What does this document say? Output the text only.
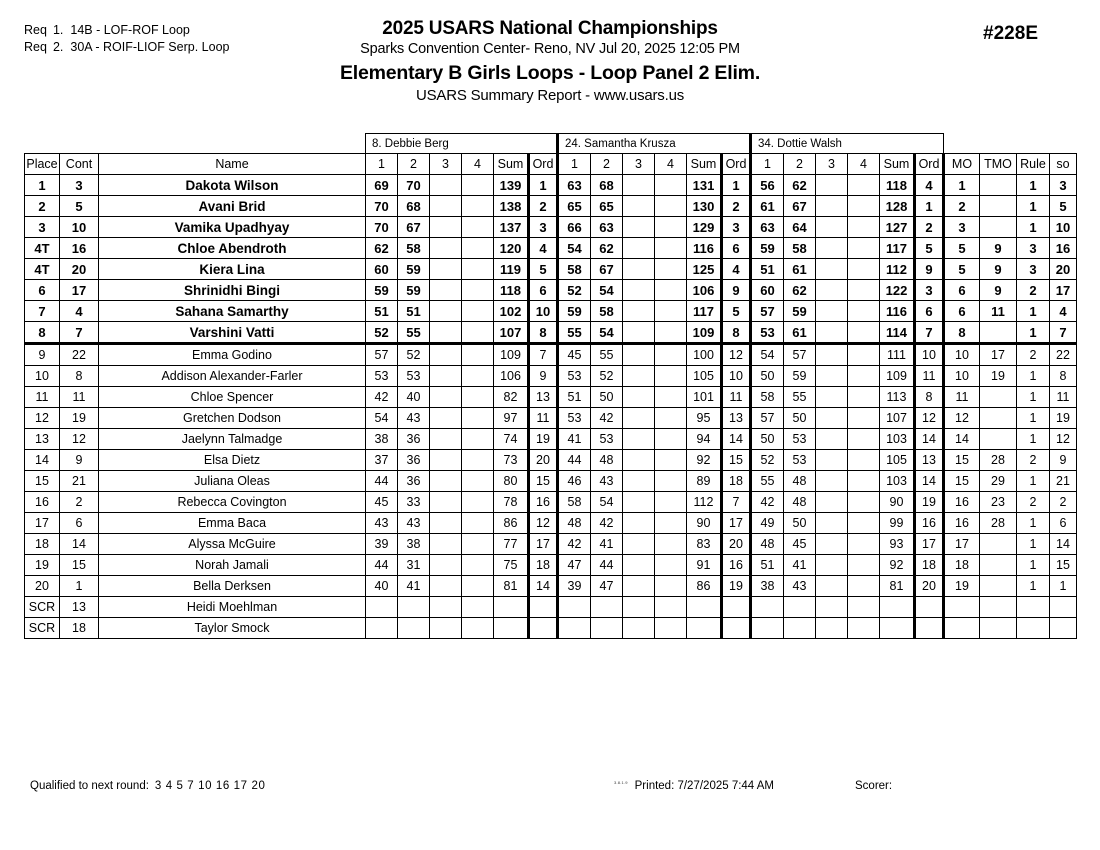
Req 1. 14B - LOF-ROF Loop
Req 2. 30A - ROIF-LIOF Serp. Loop
2025 USARS National Championships
Sparks Convention Center- Reno, NV Jul 20, 2025 12:05 PM
Elementary B Girls Loops - Loop Panel 2 Elim.
USARS Summary Report - www.usars.us
#228E
			8. Debbie Berg						24. Samantha Krusza						34. Dottie Walsh									
Place	Cont	Name	1	2	3	4	Sum	Ord	1	2	3	4	Sum	Ord	1	2	3	4	Sum	Ord	MO	TMO	Rule	so
1	3	Dakota Wilson	69	70			139	1	63	68			131	1	56	62			118	4	1		1	3
2	5	Avani Brid	70	68			138	2	65	65			130	2	61	67			128	1	2		1	5
3	10	Vamika Upadhyay	70	67			137	3	66	63			129	3	63	64			127	2	3		1	10
4T	16	Chloe Abendroth	62	58			120	4	54	62			116	6	59	58			117	5	5	9	3	16
4T	20	Kiera Lina	60	59			119	5	58	67			125	4	51	61			112	9	5	9	3	20
6	17	Shrinidhi Bingi	59	59			118	6	52	54			106	9	60	62			122	3	6	9	2	17
7	4	Sahana Samarthy	51	51			102	10	59	58			117	5	57	59			116	6	6	11	1	4
8	7	Varshini Vatti	52	55			107	8	55	54			109	8	53	61			114	7	8		1	7
9	22	Emma Godino	57	52			109	7	45	55			100	12	54	57			111	10	10	17	2	22
10	8	Addison Alexander-Farler	53	53			106	9	53	52			105	10	50	59			109	11	10	19	1	8
11	11	Chloe Spencer	42	40			82	13	51	50			101	11	58	55			113	8	11		1	11
12	19	Gretchen Dodson	54	43			97	11	53	42			95	13	57	50			107	12	12		1	19
13	12	Jaelynn Talmadge	38	36			74	19	41	53			94	14	50	53			103	14	14		1	12
14	9	Elsa Dietz	37	36			73	20	44	48			92	15	52	53			105	13	15	28	2	9
15	21	Juliana Oleas	44	36			80	15	46	43			89	18	55	48			103	14	15	29	1	21
16	2	Rebecca Covington	45	33			78	16	58	54			112	7	42	48			90	19	16	23	2	2
17	6	Emma Baca	43	43			86	12	48	42			90	17	49	50			99	16	16	28	1	6
18	14	Alyssa McGuire	39	38			77	17	42	41			83	20	48	45			93	17	17		1	14
19	15	Norah Jamali	44	31			75	18	47	44			91	16	51	41			92	18	18		1	15
20	1	Bella Derksen	40	41			81	14	39	47			86	19	38	43			81	20	19		1	1
SCR	13	Heidi Moehlman																						
SCR	18	Taylor Smock																						
Qualified to next round: 3 4 5 7 10 16 17 20	$^{3.8.1.9}$ Printed: 7/27/2025 7:44 AM	Scorer:
